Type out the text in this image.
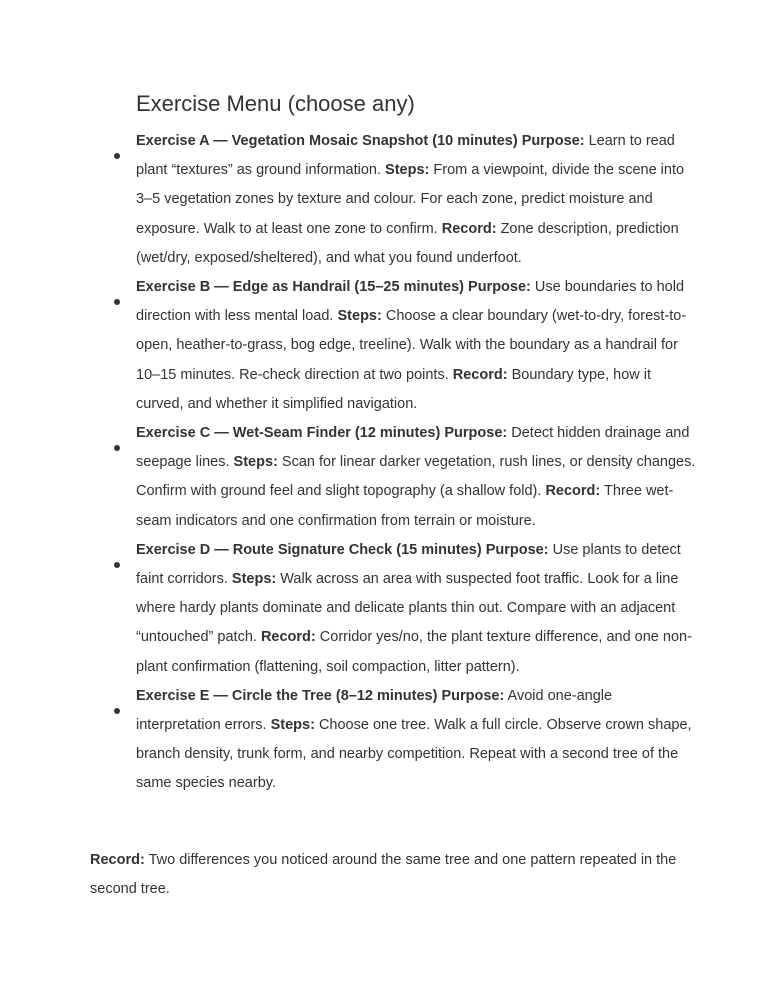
Exercise Menu (choose any)
Exercise A — Vegetation Mosaic Snapshot (10 minutes) Purpose: Learn to read plant “textures” as ground information. Steps: From a viewpoint, divide the scene into 3–5 vegetation zones by texture and colour. For each zone, predict moisture and exposure. Walk to at least one zone to confirm. Record: Zone description, prediction (wet/dry, exposed/sheltered), and what you found underfoot.
Exercise B — Edge as Handrail (15–25 minutes) Purpose: Use boundaries to hold direction with less mental load. Steps: Choose a clear boundary (wet-to-dry, forest-to-open, heather-to-grass, bog edge, treeline). Walk with the boundary as a handrail for 10–15 minutes. Re-check direction at two points. Record: Boundary type, how it curved, and whether it simplified navigation.
Exercise C — Wet-Seam Finder (12 minutes) Purpose: Detect hidden drainage and seepage lines. Steps: Scan for linear darker vegetation, rush lines, or density changes. Confirm with ground feel and slight topography (a shallow fold). Record: Three wet-seam indicators and one confirmation from terrain or moisture.
Exercise D — Route Signature Check (15 minutes) Purpose: Use plants to detect faint corridors. Steps: Walk across an area with suspected foot traffic. Look for a line where hardy plants dominate and delicate plants thin out. Compare with an adjacent “untouched” patch. Record: Corridor yes/no, the plant texture difference, and one non-plant confirmation (flattening, soil compaction, litter pattern).
Exercise E — Circle the Tree (8–12 minutes) Purpose: Avoid one-angle interpretation errors. Steps: Choose one tree. Walk a full circle. Observe crown shape, branch density, trunk form, and nearby competition. Repeat with a second tree of the same species nearby.

Record: Two differences you noticed around the same tree and one pattern repeated in the second tree.
